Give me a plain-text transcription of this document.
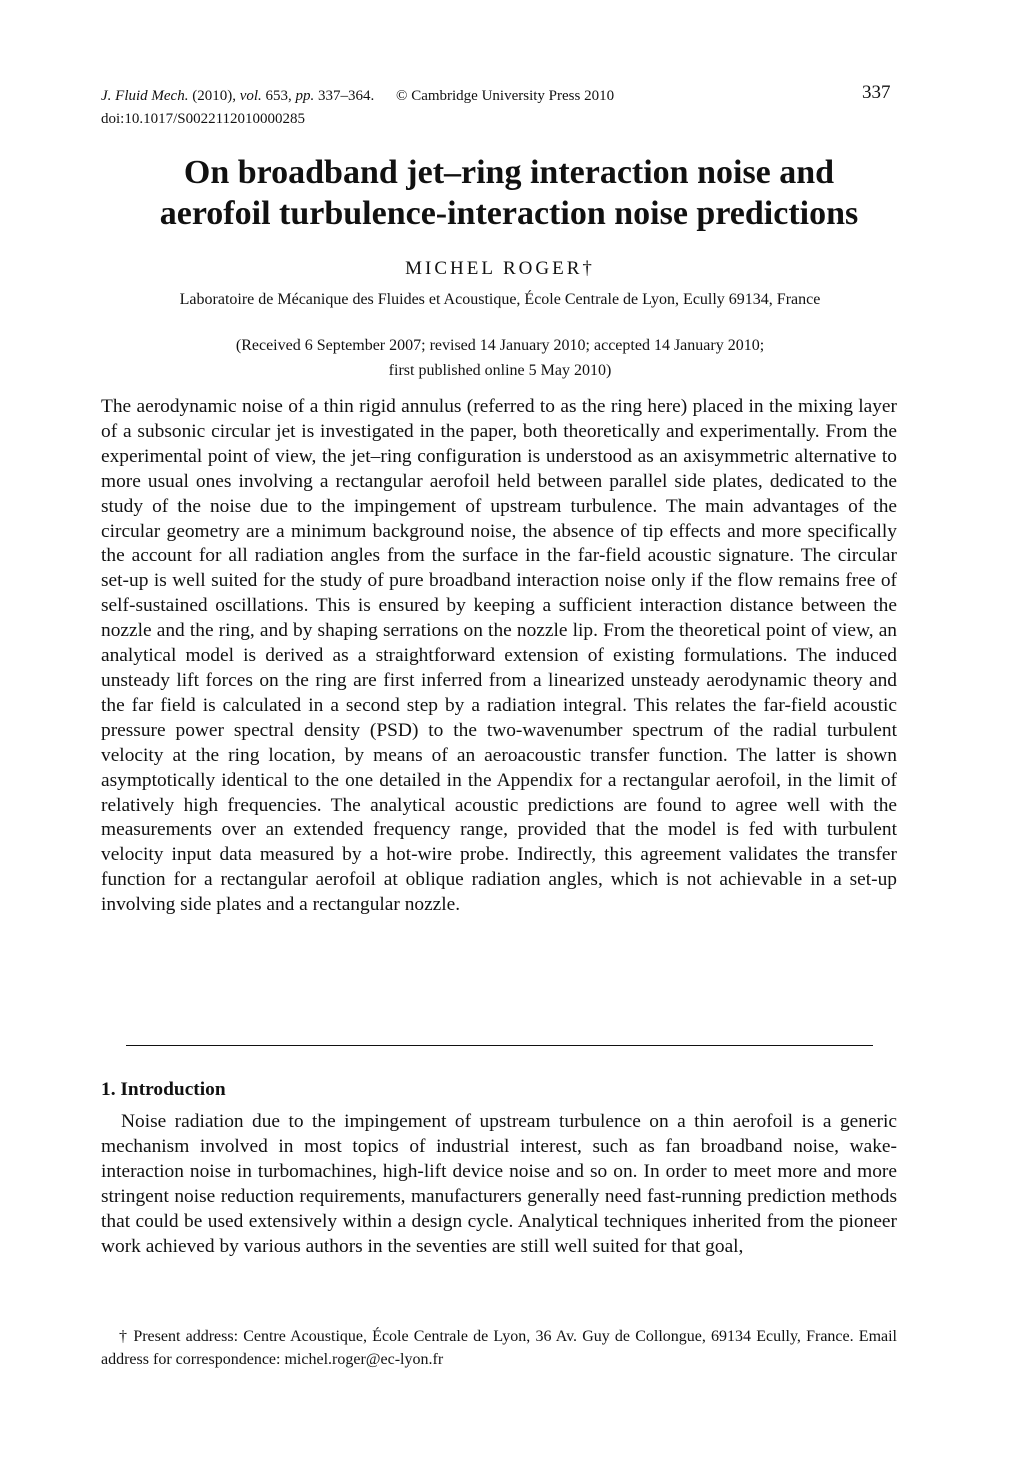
J. Fluid Mech. (2010), vol. 653, pp. 337–364. © Cambridge University Press 2010
doi:10.1017/S0022112010000285
337
On broadband jet–ring interaction noise and
aerofoil turbulence-interaction noise predictions
MICHEL ROGER†
Laboratoire de Mécanique des Fluides et Acoustique, École Centrale de Lyon, Ecully 69134, France
(Received 6 September 2007; revised 14 January 2010; accepted 14 January 2010;
first published online 5 May 2010)
The aerodynamic noise of a thin rigid annulus (referred to as the ring here) placed in the mixing layer of a subsonic circular jet is investigated in the paper, both theoretically and experimentally. From the experimental point of view, the jet–ring configuration is understood as an axisymmetric alternative to more usual ones involving a rectangular aerofoil held between parallel side plates, dedicated to the study of the noise due to the impingement of upstream turbulence. The main advantages of the circular geometry are a minimum background noise, the absence of tip effects and more specifically the account for all radiation angles from the surface in the far-field acoustic signature. The circular set-up is well suited for the study of pure broadband interaction noise only if the flow remains free of self-sustained oscillations. This is ensured by keeping a sufficient interaction distance between the nozzle and the ring, and by shaping serrations on the nozzle lip. From the theoretical point of view, an analytical model is derived as a straightforward extension of existing formulations. The induced unsteady lift forces on the ring are first inferred from a linearized unsteady aerodynamic theory and the far field is calculated in a second step by a radiation integral. This relates the far-field acoustic pressure power spectral density (PSD) to the two-wavenumber spectrum of the radial turbulent velocity at the ring location, by means of an aeroacoustic transfer function. The latter is shown asymptotically identical to the one detailed in the Appendix for a rectangular aerofoil, in the limit of relatively high frequencies. The analytical acoustic predictions are found to agree well with the measurements over an extended frequency range, provided that the model is fed with turbulent velocity input data measured by a hot-wire probe. Indirectly, this agreement validates the transfer function for a rectangular aerofoil at oblique radiation angles, which is not achievable in a set-up involving side plates and a rectangular nozzle.
1. Introduction
Noise radiation due to the impingement of upstream turbulence on a thin aerofoil is a generic mechanism involved in most topics of industrial interest, such as fan broadband noise, wake-interaction noise in turbomachines, high-lift device noise and so on. In order to meet more and more stringent noise reduction requirements, manufacturers generally need fast-running prediction methods that could be used extensively within a design cycle. Analytical techniques inherited from the pioneer work achieved by various authors in the seventies are still well suited for that goal,
† Present address: Centre Acoustique, École Centrale de Lyon, 36 Av. Guy de Collongue, 69134 Ecully, France. Email address for correspondence: michel.roger@ec-lyon.fr
